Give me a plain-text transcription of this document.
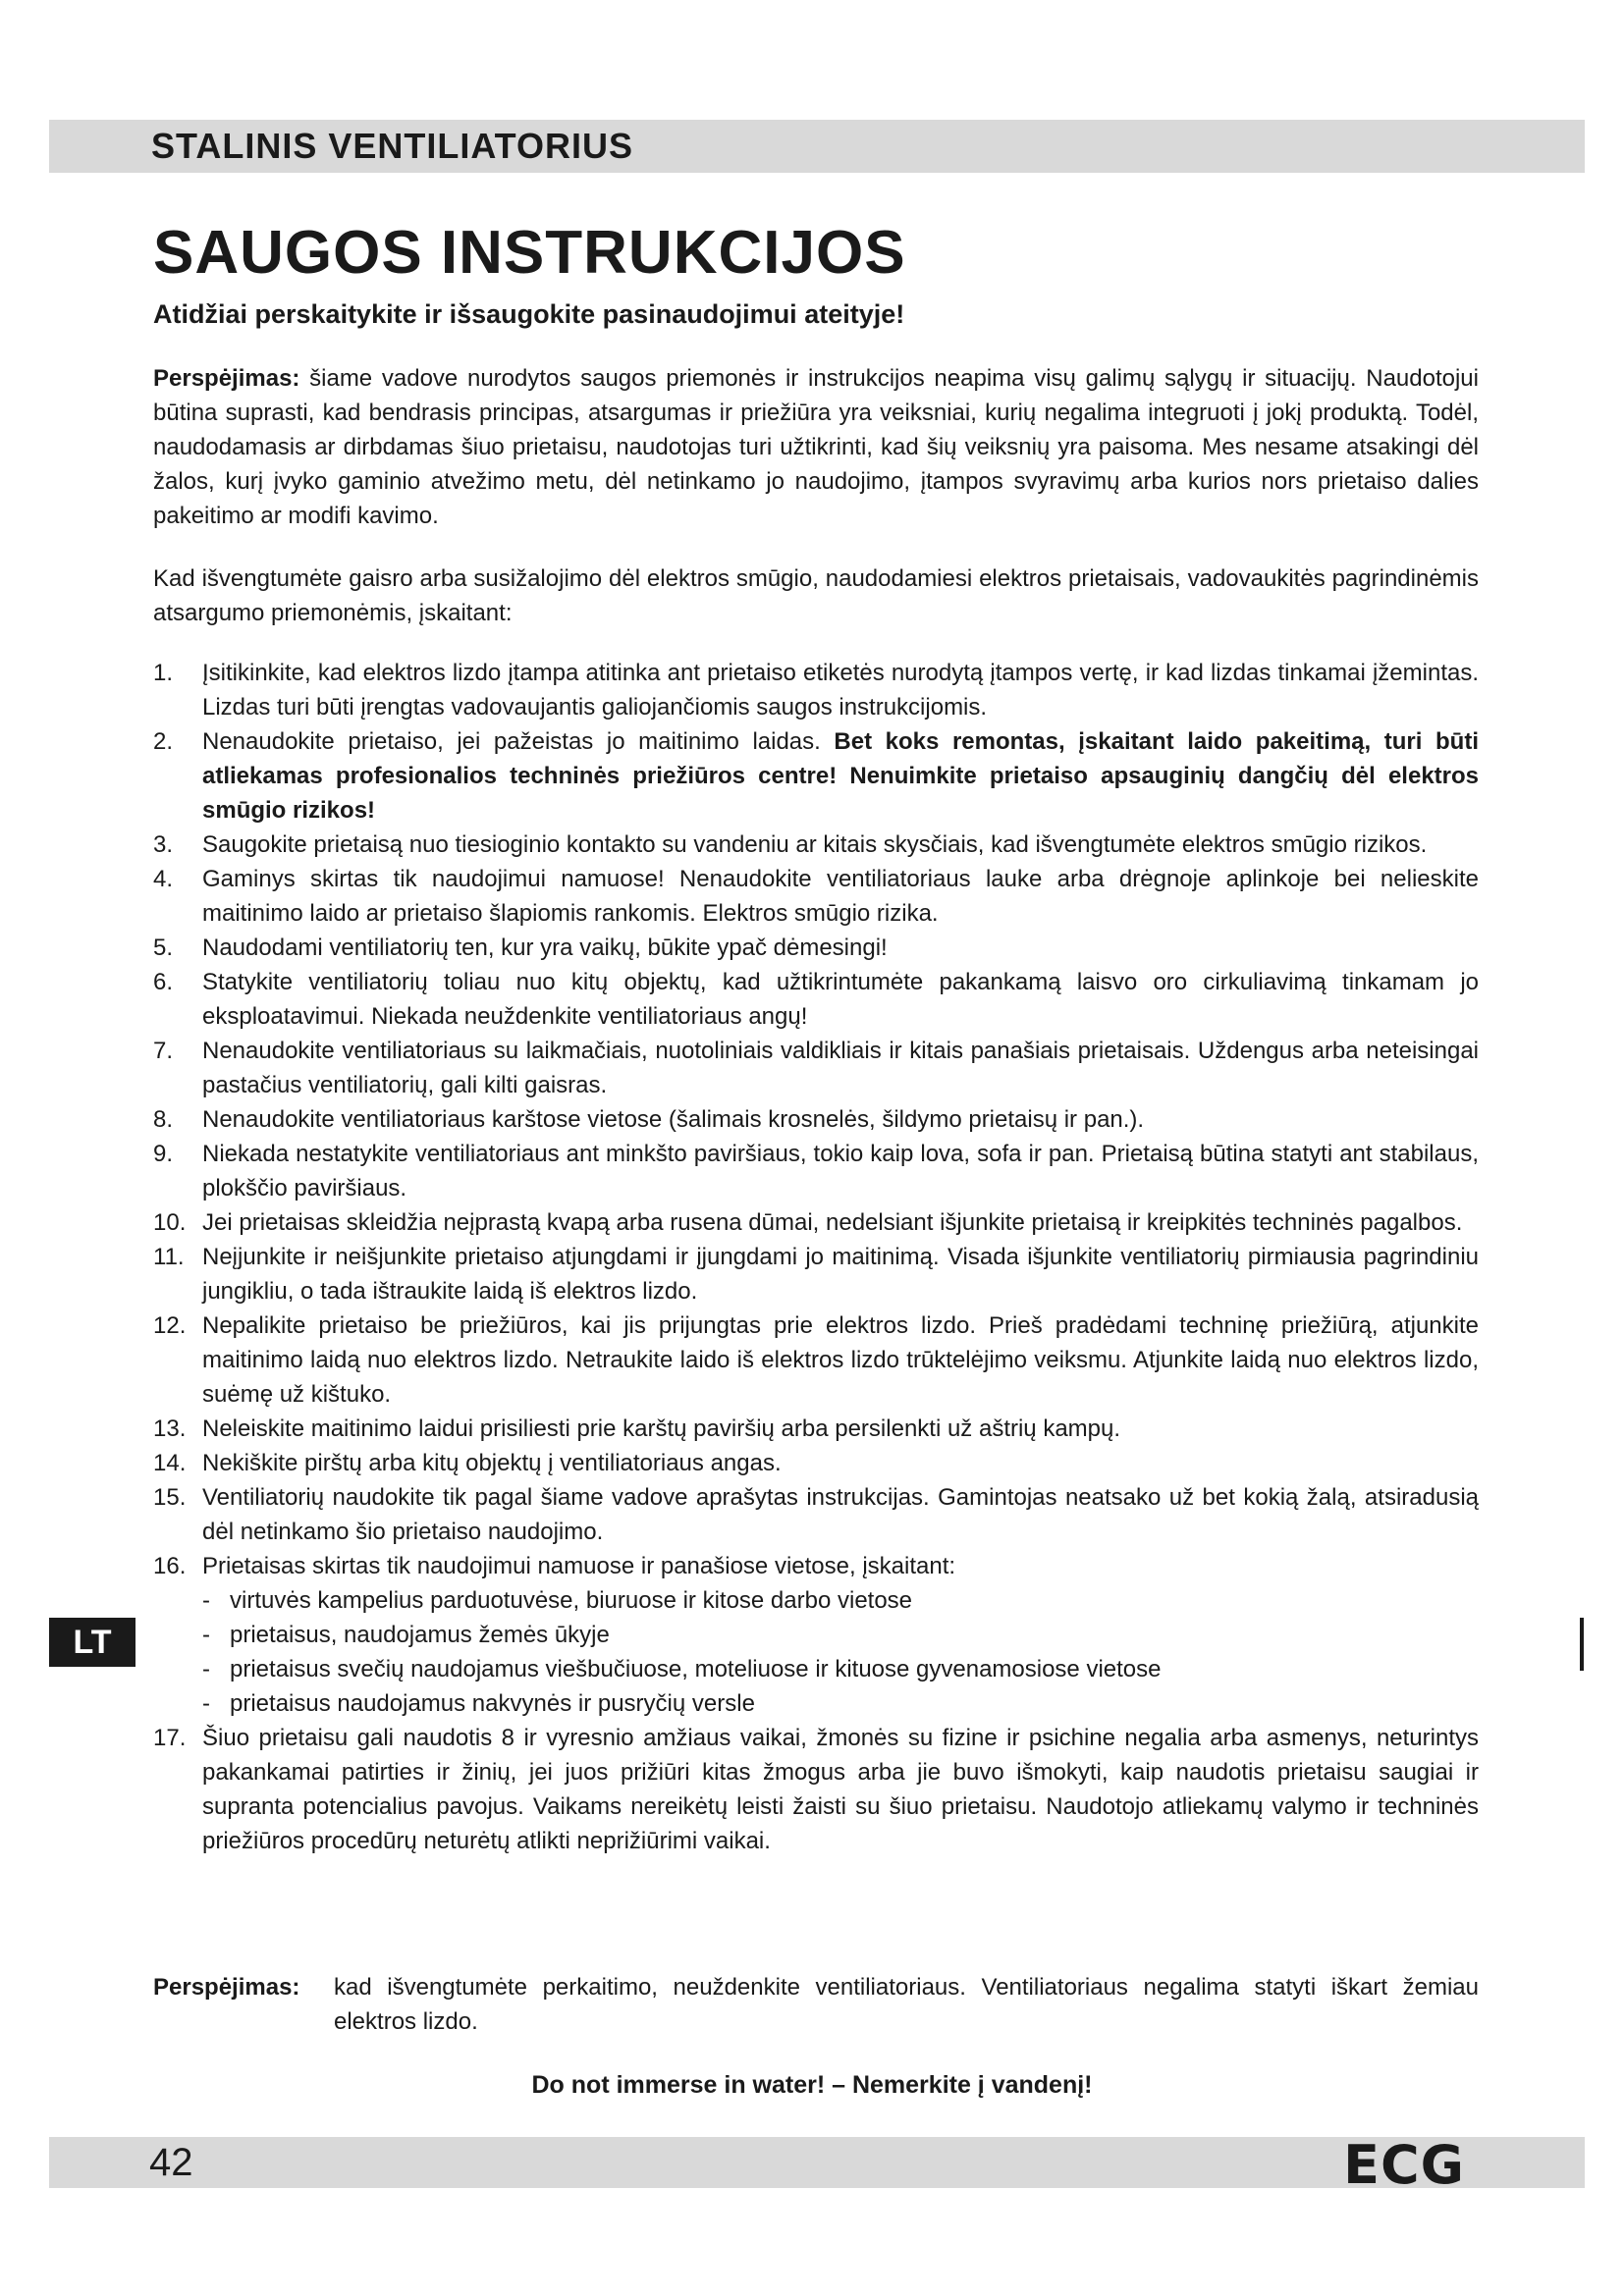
STALINIS VENTILIATORIUS
SAUGOS INSTRUKCIJOS

Atidžiai perskaitykite ir išsaugokite pasinaudojimui ateityje!

Perspėjimas: šiame vadove nurodytos saugos priemonės ir instrukcijos neapima visų galimų sąlygų ir situacijų. Naudotojui būtina suprasti, kad bendrasis principas, atsargumas ir priežiūra yra veiksniai, kurių negalima integruoti į jokį produktą. Todėl, naudodamasis ar dirbdamas šiuo prietaisu, naudotojas turi užtikrinti, kad šių veiksnių yra paisoma. Mes nesame atsakingi dėl žalos, kurį įvyko gaminio atvežimo metu, dėl netinkamo jo naudojimo, įtampos svyravimų arba kurios nors prietaiso dalies pakeitimo ar modifi kavimo.

Kad išvengtumėte gaisro arba susižalojimo dėl elektros smūgio, naudodamiesi elektros prietaisais, vadovaukitės pagrindinėmis atsargumo priemonėmis, įskaitant:

1. Įsitikinkite, kad elektros lizdo įtampa atitinka ant prietaiso etiketės nurodytą įtampos vertę, ir kad lizdas tinkamai įžemintas. Lizdas turi būti įrengtas vadovaujantis galiojančiomis saugos instrukcijomis.
2. Nenaudokite prietaiso, jei pažeistas jo maitinimo laidas. Bet koks remontas, įskaitant laido pakeitimą, turi būti atliekamas profesionalios techninės priežiūros centre! Nenuimkite prietaiso apsauginių dangčių dėl elektros smūgio rizikos!
3. Saugokite prietaisą nuo tiesioginio kontakto su vandeniu ar kitais skysčiais, kad išvengtumėte elektros smūgio rizikos.
4. Gaminys skirtas tik naudojimui namuose! Nenaudokite ventiliatoriaus lauke arba drėgnoje aplinkoje bei nelieskite maitinimo laido ar prietaiso šlapiomis rankomis. Elektros smūgio rizika.
5. Naudodami ventiliatorių ten, kur yra vaikų, būkite ypač dėmesingi!
6. Statykite ventiliatorių toliau nuo kitų objektų, kad užtikrintumėte pakankamą laisvo oro cirkuliavimą tinkamam jo eksploatavimui. Niekada neuždenkite ventiliatoriaus angų!
7. Nenaudokite ventiliatoriaus su laikmačiais, nuotoliniais valdikliais ir kitais panašiais prietaisais. Uždengus arba neteisingai pastačius ventiliatorių, gali kilti gaisras.
8. Nenaudokite ventiliatoriaus karštose vietose (šalimais krosnelės, šildymo prietaisų ir pan.).
9. Niekada nestatykite ventiliatoriaus ant minkšto paviršiaus, tokio kaip lova, sofa ir pan. Prietaisą būtina statyti ant stabilaus, plokščio paviršiaus.
10. Jei prietaisas skleidžia neįprastą kvapą arba rusena dūmai, nedelsiant išjunkite prietaisą ir kreipkitės techninės pagalbos.
11. Neįjunkite ir neišjunkite prietaiso atjungdami ir įjungdami jo maitinimą. Visada išjunkite ventiliatorių pirmiausia pagrindiniu jungikliu, o tada ištraukite laidą iš elektros lizdo.
12. Nepalikite prietaiso be priežiūros, kai jis prijungtas prie elektros lizdo. Prieš pradėdami techninę priežiūrą, atjunkite maitinimo laidą nuo elektros lizdo. Netraukite laido iš elektros lizdo trūktelėjimo veiksmu. Atjunkite laidą nuo elektros lizdo, suėmę už kištuko.
13. Neleiskite maitinimo laidui prisiliesti prie karštų paviršių arba persilenkti už aštrių kampų.
14. Nekiškite pirštų arba kitų objektų į ventiliatoriaus angas.
15. Ventiliatorių naudokite tik pagal šiame vadove aprašytas instrukcijas. Gamintojas neatsako už bet kokią žalą, atsiradusią dėl netinkamo šio prietaiso naudojimo.
16. Prietaisas skirtas tik naudojimui namuose ir panašiose vietose, įskaitant:
- virtuvės kampelius parduotuvėse, biuruose ir kitose darbo vietose
- prietaisus, naudojamus žemės ūkyje
- prietaisus svečių naudojamus viešbučiuose, moteliuose ir kituose gyvenamosiose vietose
- prietaisus naudojamus nakvynės ir pusryčių versle
17. Šiuo prietaisu gali naudotis 8 ir vyresnio amžiaus vaikai, žmonės su fizine ir psichine negalia arba asmenys, neturintys pakankamai patirties ir žinių, jei juos prižiūri kitas žmogus arba jie buvo išmokyti, kaip naudotis prietaisu saugiai ir supranta potencialius pavojus. Vaikams nereikėtų leisti žaisti su šiuo prietaisu. Naudotojo atliekamų valymo ir techninės priežiūros procedūrų neturėtų atlikti neprižiūrimi vaikai.
LT
Perspėjimas: kad išvengtumėte perkaitimo, neuždenkite ventiliatoriaus. Ventiliatoriaus negalima statyti iškart žemiau elektros lizdo.

Do not immerse in water! – Nemerkite į vandenį!
42	ECG
